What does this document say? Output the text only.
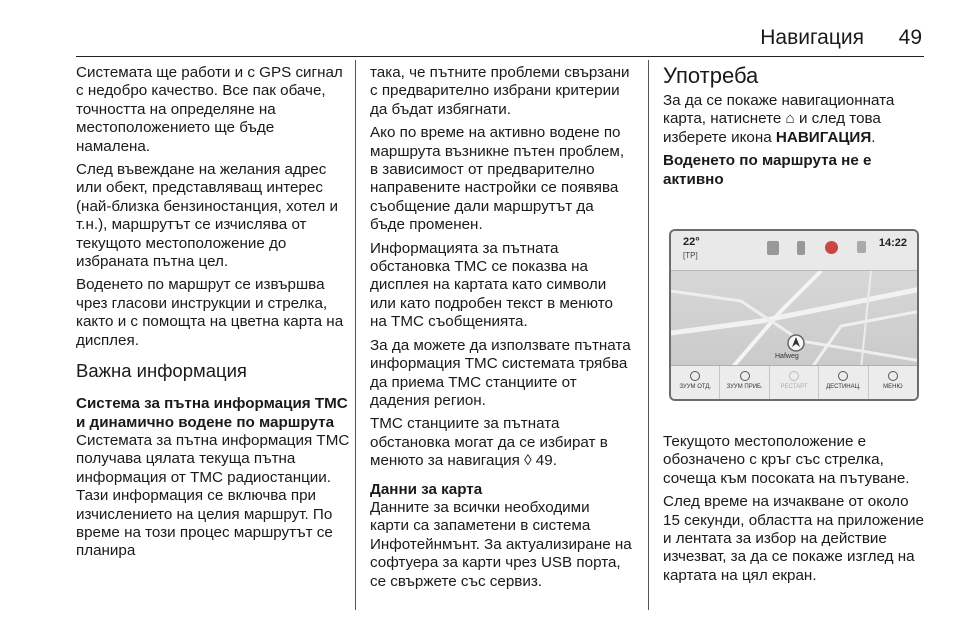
Навигация 49

Системата ще работи и с GPS сигнал с недобро качество. Все пак обаче, точността на определяне на местоположението ще бъде намалена.

След въвеждане на желания адрес или обект, представляващ интерес (най-близка бензиностанция, хотел и т.н.), маршрутът се изчислява от текущото местоположение до избраната пътна цел.

Воденето по маршрут се извършва чрез гласови инструкции и стрелка, както и с помощта на цветна карта на дисплея.

Важна информация
Система за пътна информация TMC и динамично водене по маршрута

Системата за пътна информация TMC получава цялата текуща пътна информация от TMC радиостанции. Тази информация се включва при изчислението на целия маршрут. По време на този процес маршрутът се планира

така, че пътните проблеми свързани с предварително избрани критерии да бъдат избягнати.

Ако по време на активно водене по маршрута възникне пътен проблем, в зависимост от предварително направените настройки се появява съобщение дали маршрутът да бъде променен.

Информацията за пътната обстановка TMC се показва на дисплея на картата като символи или като подробен текст в менюто на TMC съобщенията.

За да можете да използвате пътната информация TMC системата трябва да приема TMC станциите от дадения регион.

TMC станциите за пътната обстановка могат да се избират в менюто за навигация ◊ 49.

Данни за карта

Данните за всички необходими карти са запаметени в система Инфотейнмънт. За актуализиране на софтуера за карти чрез USB порта, се свържете със сервиз.

Употреба

За да се покаже навигационната карта, натиснете ⌂ и след това изберете икона НАВИГАЦИЯ.

Воденето по маршрута не е активно
22°
[TP]
14:22
Hafweg
ЗУУМ ОТД.	ЗУУМ ПРИБ.	РЕСТАРТ	ДЕСТИНАЦ.	МЕНЮ

Текущото местоположение е обозначено с кръг със стрелка, сочеща към посоката на пътуване.

След време на изчакване от около 15 секунди, областта на приложение и лентата за избор на действие изчезват, за да се покаже изглед на картата на цял екран.
